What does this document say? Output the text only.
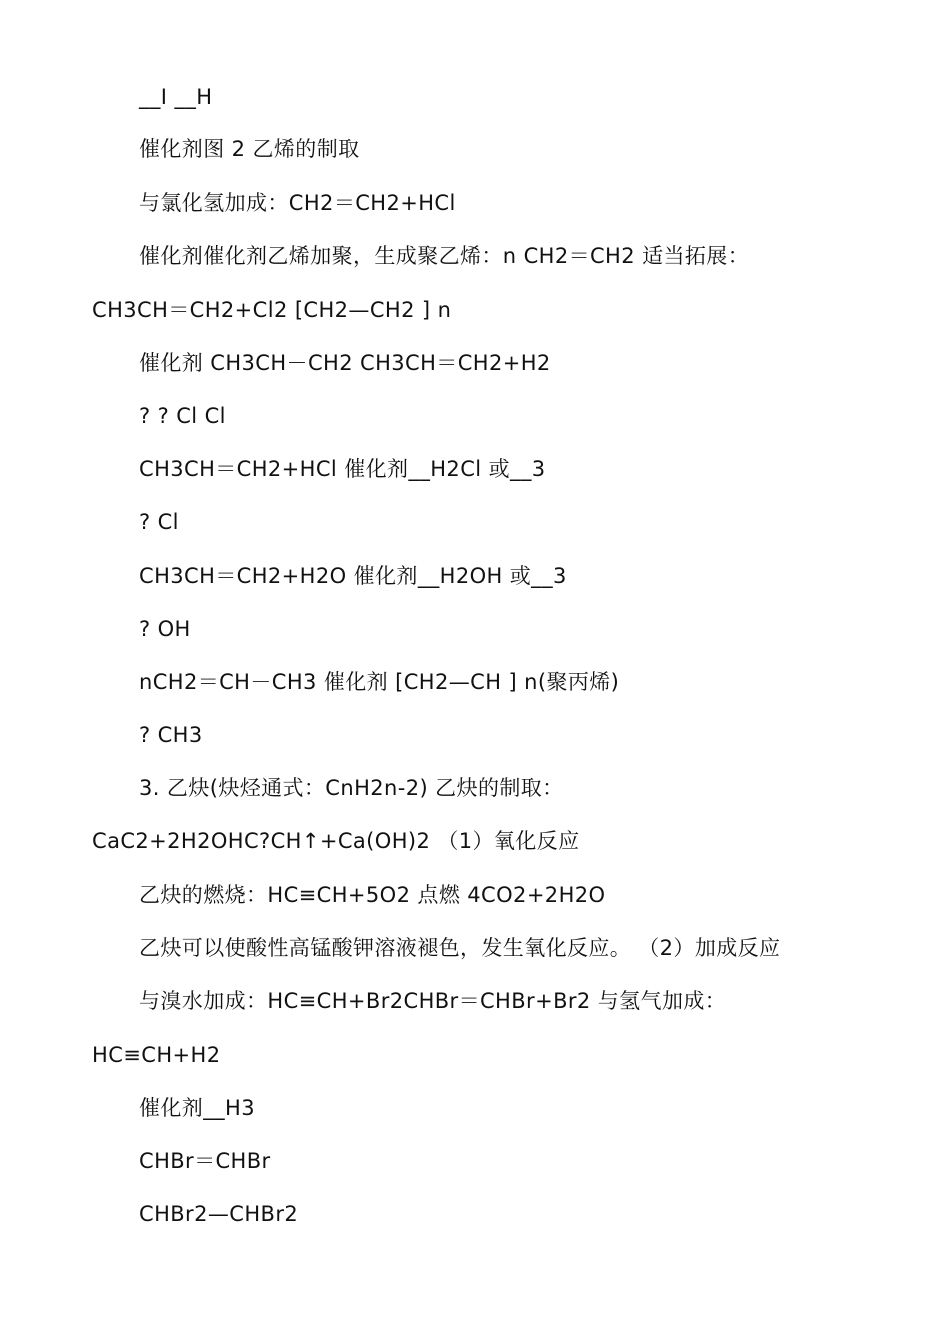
__I __H
催化剂图 2 乙烯的制取
与氯化氢加成：CH2＝CH2+HCl
催化剂催化剂乙烯加聚，生成聚乙烯：n CH2＝CH2 适当拓展：
CH3CH＝CH2+Cl2 [CH2—CH2 ] n
催化剂 CH3CH－CH2 CH3CH＝CH2+H2
? ? Cl Cl
CH3CH＝CH2+HCl 催化剂__H2Cl 或__3
? Cl
CH3CH＝CH2+H2O 催化剂__H2OH 或__3
? OH
nCH2＝CH－CH3 催化剂 [CH2—CH ] n(聚丙烯)
? CH3
3. 乙炔(炔烃通式：CnH2n-2) 乙炔的制取：
CaC2+2H2OHC?CH↑+Ca(OH)2 （1）氧化反应
乙炔的燃烧：HC≡CH+5O2 点燃 4CO2+2H2O
乙炔可以使酸性高锰酸钾溶液褪色，发生氧化反应。 （2）加成反应
与溴水加成：HC≡CH+Br2CHBr＝CHBr+Br2 与氢气加成：
HC≡CH+H2
催化剂__H3
CHBr＝CHBr
CHBr2—CHBr2
